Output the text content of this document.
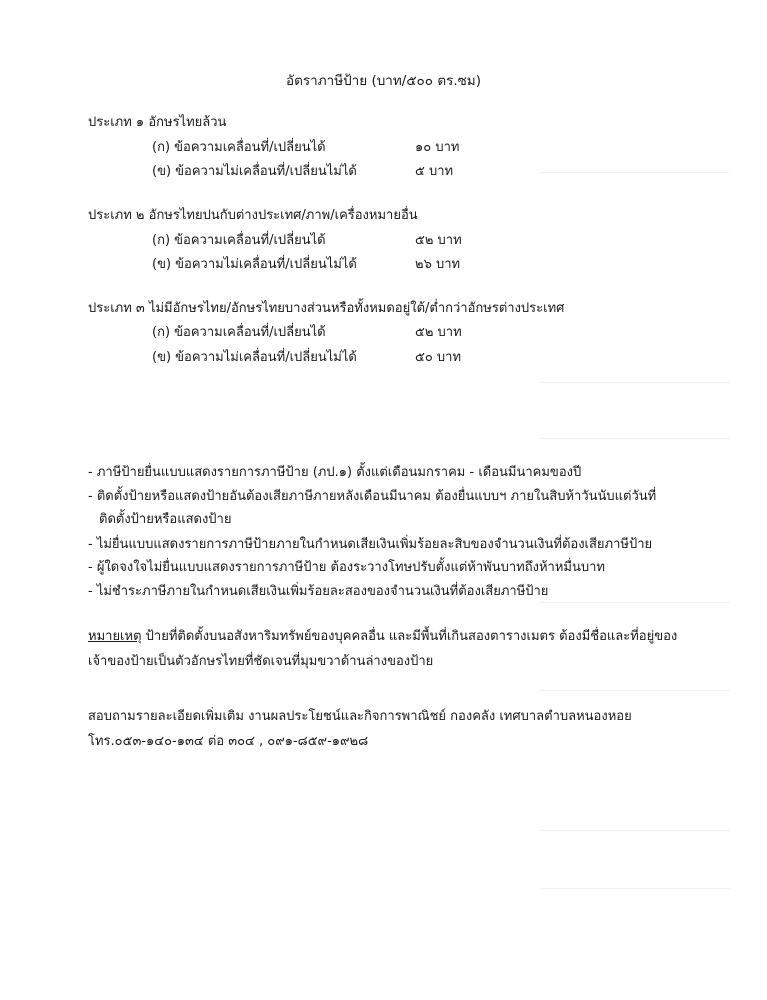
อัตราภาษีป้าย (บาท/๕๐๐ ตร.ซม)
ประเภท ๑ อักษรไทยล้วน
(ก) ข้อความเคลื่อนที่/เปลี่ยนได้	๑๐ บาท
(ข) ข้อความไม่เคลื่อนที่/เปลี่ยนไม่ได้	๕ บาท
ประเภท ๒ อักษรไทยปนกับต่างประเทศ/ภาพ/เครื่องหมายอื่น
(ก) ข้อความเคลื่อนที่/เปลี่ยนได้	๕๒ บาท
(ข) ข้อความไม่เคลื่อนที่/เปลี่ยนไม่ได้	๒๖ บาท
ประเภท ๓ ไม่มีอักษรไทย/อักษรไทยบางส่วนหรือทั้งหมดอยู่ใต้/ต่ำกว่าอักษรต่างประเทศ
(ก) ข้อความเคลื่อนที่/เปลี่ยนได้	๕๒ บาท
(ข) ข้อความไม่เคลื่อนที่/เปลี่ยนไม่ได้	๕๐ บาท
- ภาษีป้ายยื่นแบบแสดงรายการภาษีป้าย (ภป.๑) ตั้งแต่เดือนมกราคม - เดือนมีนาคมของปี
- ติดตั้งป้ายหรือแสดงป้ายอันต้องเสียภาษีภายหลังเดือนมีนาคม ต้องยื่นแบบฯ ภายในสิบห้าวันนับแต่วันที่
ติดตั้งป้ายหรือแสดงป้าย
- ไม่ยื่นแบบแสดงรายการภาษีป้ายภายในกำหนดเสียเงินเพิ่มร้อยละสิบของจำนวนเงินที่ต้องเสียภาษีป้าย
- ผู้ใดจงใจไม่ยื่นแบบแสดงรายการภาษีป้าย ต้องระวางโทษปรับตั้งแต่ห้าพันบาทถึงห้าหมื่นบาท
- ไม่ชำระภาษีภายในกำหนดเสียเงินเพิ่มร้อยละสองของจำนวนเงินที่ต้องเสียภาษีป้าย
หมายเหตุ ป้ายที่ติดตั้งบนอสังหาริมทรัพย์ของบุคคลอื่น และมีพื้นที่เกินสองตารางเมตร ต้องมีชื่อและที่อยู่ของ
เจ้าของป้ายเป็นตัวอักษรไทยที่ชัดเจนที่มุมขวาด้านล่างของป้าย
สอบถามรายละเอียดเพิ่มเติม งานผลประโยชน์และกิจการพาณิชย์ กองคลัง เทศบาลตำบลหนองหอย
โทร.๐๕๓-๑๔๐-๑๓๔ ต่อ ๓๐๔ , ๐๙๑-๘๕๙-๑๙๒๘
